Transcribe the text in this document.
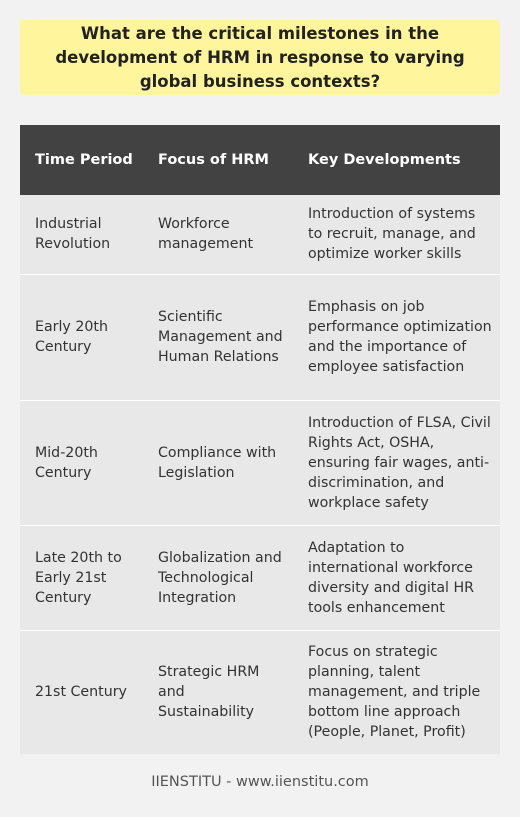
What are the critical milestones in the development of HRM in response to varying global business contexts?
Time Period	Focus of HRM	Key Developments
Industrial Revolution	Workforce management	Introduction of systems to recruit, manage, and optimize worker skills
Early 20th Century	Scientific Management and Human Relations	Emphasis on job performance optimization and the importance of employee satisfaction
Mid-20th Century	Compliance with Legislation	Introduction of FLSA, Civil Rights Act, OSHA, ensuring fair wages, anti-discrimination, and workplace safety
Late 20th to Early 21st Century	Globalization and Technological Integration	Adaptation to international workforce diversity and digital HR tools enhancement
21st Century	Strategic HRM and Sustainability	Focus on strategic planning, talent management, and triple bottom line approach (People, Planet, Profit)
IIENSTITU - www.iienstitu.com
